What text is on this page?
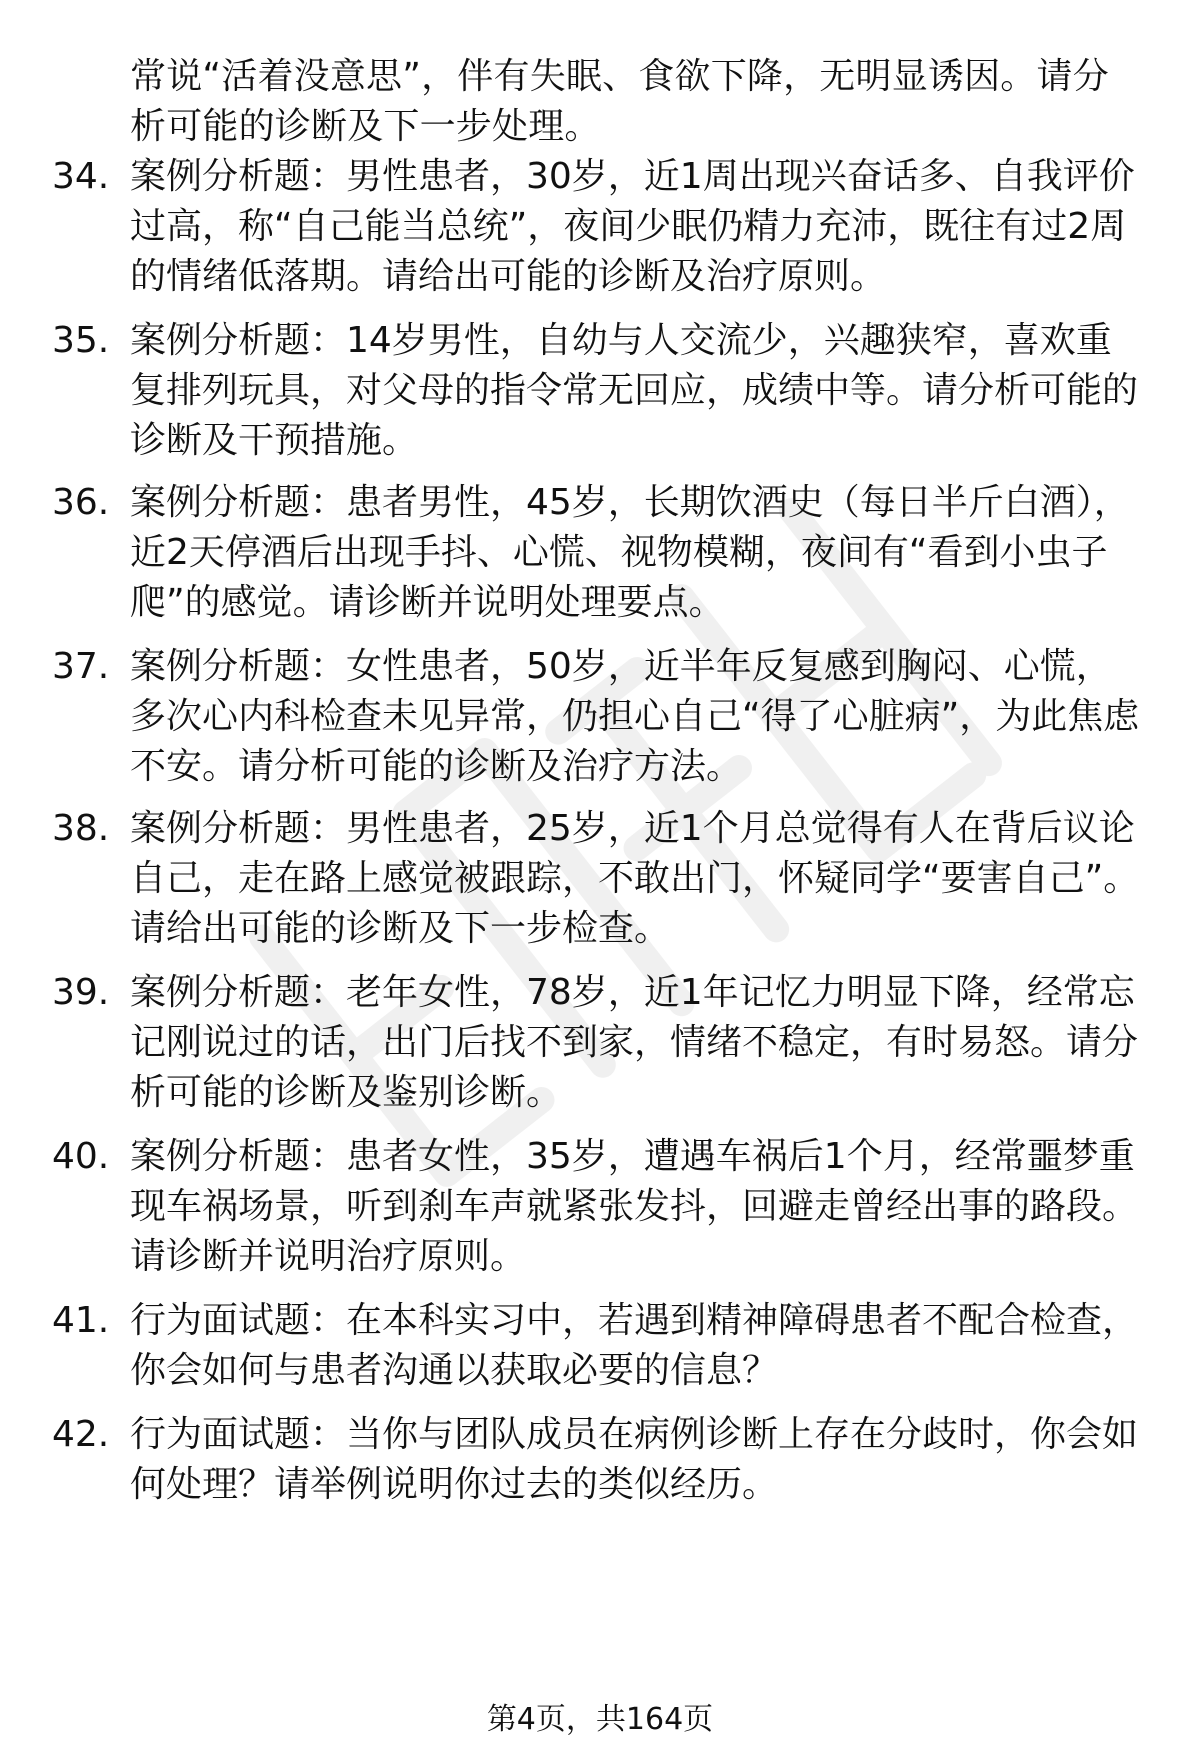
常说“活着没意思”，伴有失眠、食欲下降，无明显诱因。请分析可能的诊断及下一步处理。
34. 案例分析题：男性患者，30岁，近1周出现兴奋话多、自我评价过高，称“自己能当总统”，夜间少眠仍精力充沛，既往有过2周的情绪低落期。请给出可能的诊断及治疗原则。
35. 案例分析题：14岁男性，自幼与人交流少，兴趣狭窄，喜欢重复排列玩具，对父母的指令常无回应，成绩中等。请分析可能的诊断及干预措施。
36. 案例分析题：患者男性，45岁，长期饮酒史（每日半斤白酒），近2天停酒后出现手抖、心慌、视物模糊，夜间有“看到小虫子爬”的感觉。请诊断并说明处理要点。
37. 案例分析题：女性患者，50岁，近半年反复感到胸闷、心慌，多次心内科检查未见异常，仍担心自己“得了心脏病”，为此焦虑不安。请分析可能的诊断及治疗方法。
38. 案例分析题：男性患者，25岁，近1个月总觉得有人在背后议论自己，走在路上感觉被跟踪，不敢出门，怀疑同学“要害自己”。请给出可能的诊断及下一步检查。
39. 案例分析题：老年女性，78岁，近1年记忆力明显下降，经常忘记刚说过的话，出门后找不到家，情绪不稳定，有时易怒。请分析可能的诊断及鉴别诊断。
40. 案例分析题：患者女性，35岁，遭遇车祸后1个月，经常噩梦重现车祸场景，听到刹车声就紧张发抖，回避走曾经出事的路段。请诊断并说明治疗原则。
41. 行为面试题：在本科实习中，若遇到精神障碍患者不配合检查，你会如何与患者沟通以获取必要的信息？
42. 行为面试题：当你与团队成员在病例诊断上存在分歧时，你会如何处理？请举例说明你过去的类似经历。
第4页，共164页
